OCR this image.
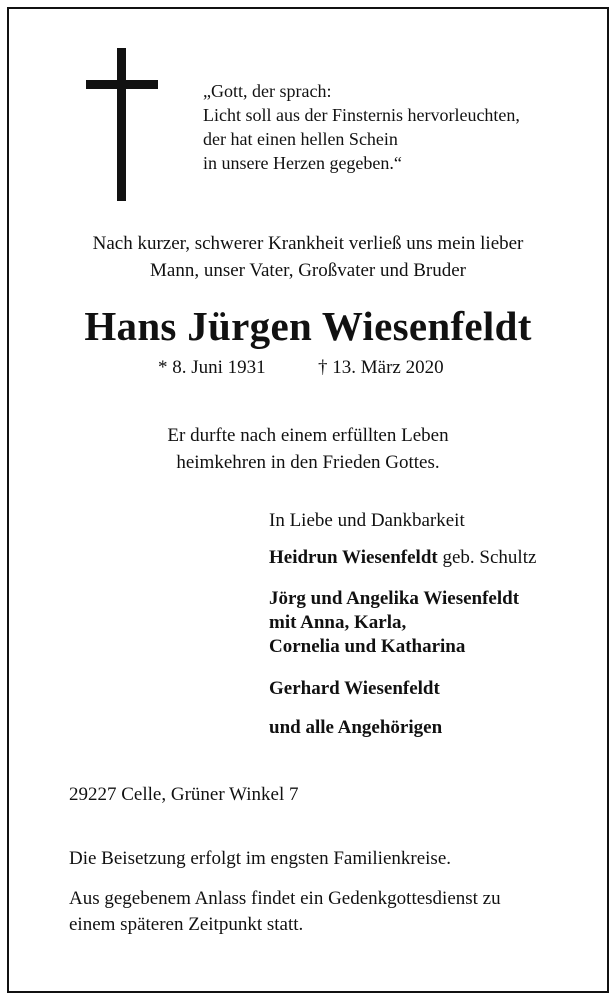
„Gott, der sprach:
Licht soll aus der Finsternis hervorleuchten,
der hat einen hellen Schein
in unsere Herzen gegeben.“
Nach kurzer, schwerer Krankheit verließ uns mein lieber
Mann, unser Vater, Großvater und Bruder
Hans Jürgen Wiesenfeldt
* 8. Juni 1931	† 13. März 2020
Er durfte nach einem erfüllten Leben
heimkehren in den Frieden Gottes.
In Liebe und Dankbarkeit
Heidrun Wiesenfeldt geb. Schultz
Jörg und Angelika Wiesenfeldt
mit Anna, Karla,
Cornelia und Katharina
Gerhard Wiesenfeldt
und alle Angehörigen
29227 Celle, Grüner Winkel 7
Die Beisetzung erfolgt im engsten Familienkreise.
Aus gegebenem Anlass findet ein Gedenkgottesdienst zu
einem späteren Zeitpunkt statt.
